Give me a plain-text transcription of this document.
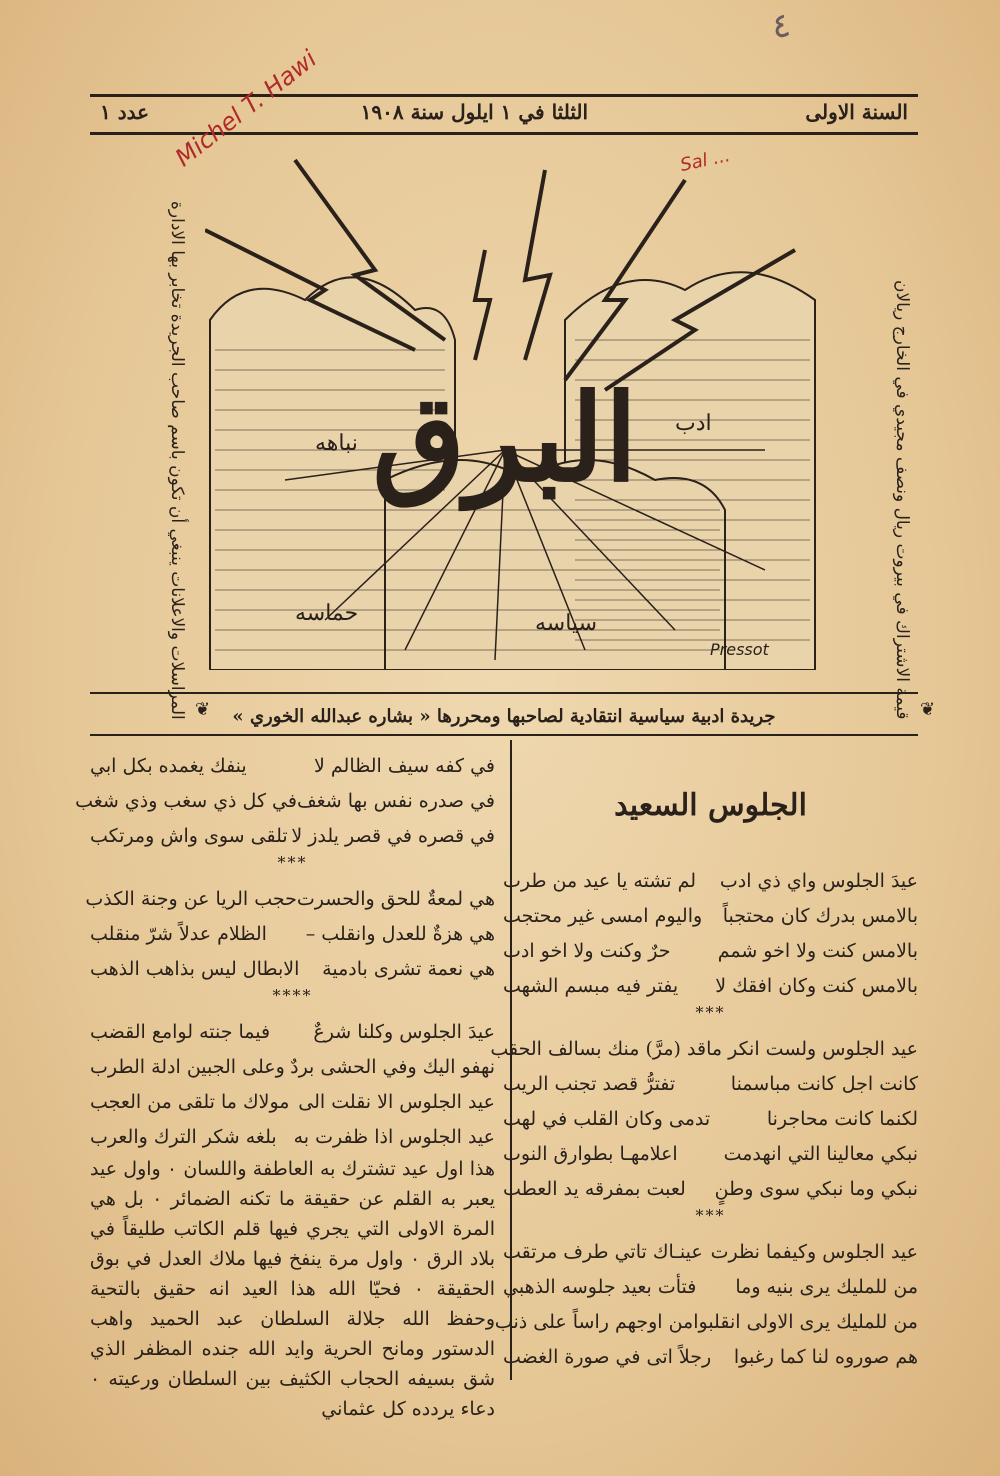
٤
السنة الاولى
الثلثا في ١ ايلول سنة ١٩٠٨
عدد ١
❦
قيمة الاشتراك في بيروت ريال ونصف مجيدي في الخارج ريالان
❦
المراسلات والاعلانات ينبغي أن تكون باسم صاحب الجريدة تخابر بها الادارة البرق
نباهه
ادب
حماسه	سياسه
Pressot
Michel T. Hawi	Sal ...
جريدة ادبية سياسية انتقادية لصاحبها ومحررها « بشاره عبدالله الخوري »
الجلوس السعيد
عيدَ الجلوس واي ذي ادب
لم تشته يا عيد من طرب
بالامس بدرك كان محتجباً
واليوم امسى غير محتجب
بالامس كنت ولا اخو شمم
حرٌ وكنت ولا اخو ادب
بالامس كنت وكان افقك لا
يفتر فيه مبسم الشهب
***
عيد الجلوس ولست انكر ما
قد (مرَّ) منك بسالف الحقب
كانت اجل كانت مباسمنا
تفترُّ قصد تجنب الريب
لكنما كانت محاجرنا
تدمى وكان القلب في لهب
نبكي معالينا التي انهدمت
اعلامهـا بطوارق النوب
نبكي وما نبكي سوى وطنٍ
لعبت بمفرقه يد العطب
***
عيد الجلوس وكيفما نظرت
عينـاك تاتي طرف مرتقب
من للمليك يرى بنيه وما
فتأت بعيد جلوسه الذهبي
من للمليك يرى الاولى انقلبوا
من اوجهم راساً على ذنب
هم صوروه لنا كما رغبوا
رجلاً اتى في صورة الغضب
في كفه سيف الظالم لا
ينفك يغمده بكل ابي
في صدره نفس بها شغف
في كل ذي سغب وذي شغب
في قصره في قصر يلدز لا
تلقى سوى واش ومرتكب
***
هي لمعةٌ للحق والحسرت
حجب الريا عن وجنة الكذب
هي هزةٌ للعدل وانقلب –
الظلام عدلاً شرّ منقلب
هي نعمة تشرى بادمية
الابطال ليس بذاهب الذهب
****
عيدَ الجلوس وكلنا شرعٌ
فيما جنته لوامع القضب
نهفو اليك وفي الحشى بردٌ
وعلى الجبين ادلة الطرب
عيد الجلوس الا نقلت الى
مولاك ما تلقى من العجب
عيد الجلوس اذا ظفرت به
بلغه شكر الترك والعرب

هذا اول عيد تشترك به العاطفة واللسان ٠ واول عيد يعبر به القلم عن حقيقة ما تكنه الضمائر ٠ بل هي المرة الاولى التي يجري فيها قلم الكاتب طليقاً في بلاد الرق ٠ واول مرة ينفخ فيها ملاك العدل في بوق الحقيقة ٠ فحيّا الله هذا العيد انه حقيق بالتحية وحفظ الله جلالة السلطان عبد الحميد واهب الدستور ومانح الحرية وايد الله جنده المظفر الذي شق بسيفه الحجاب الكثيف بين السلطان ورعيته ٠ دعاء يردده كل عثماني
